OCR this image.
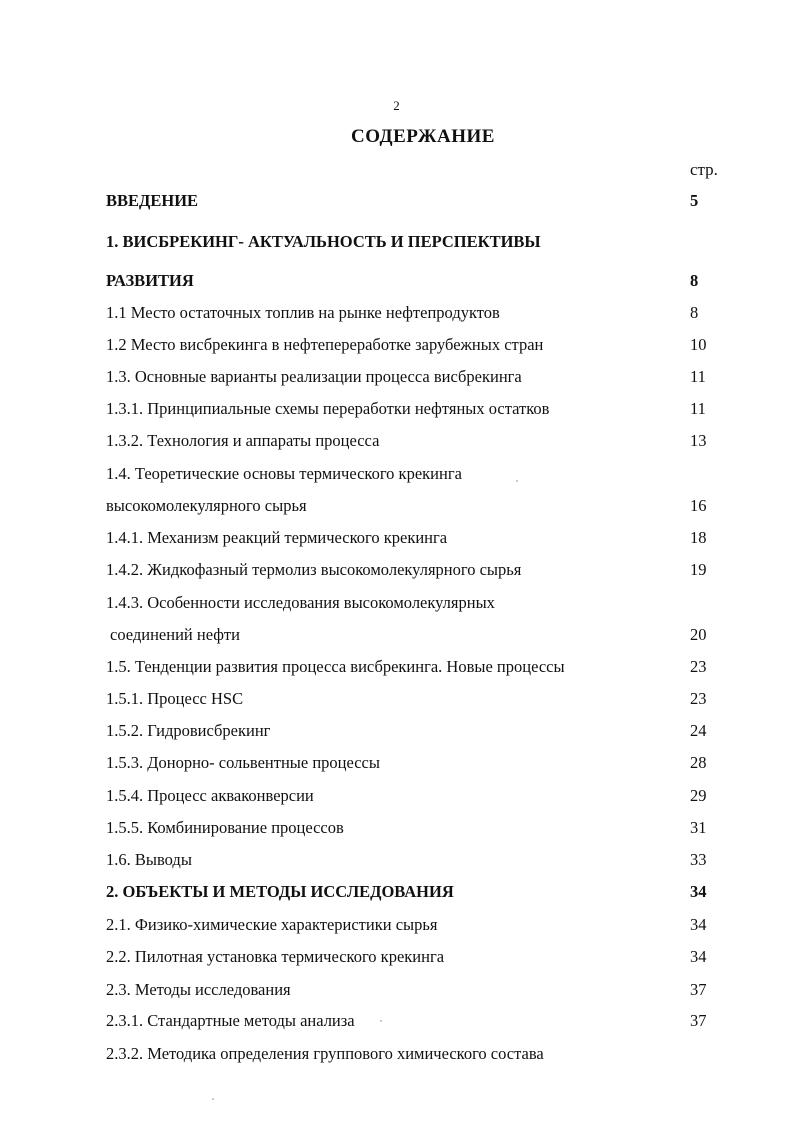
2
СОДЕРЖАНИЕ
стр.
ВВЕДЕНИЕ	5
1. ВИСБРЕКИНГ- АКТУАЛЬНОСТЬ И ПЕРСПЕКТИВЫ
РАЗВИТИЯ	8
1.1 Место остаточных топлив на рынке нефтепродуктов	8
1.2 Место висбрекинга в нефтепереработке зарубежных стран	10
1.3. Основные варианты реализации процесса висбрекинга	11
1.3.1. Принципиальные схемы переработки нефтяных остатков	11
1.3.2. Технология и аппараты процесса	13
1.4. Теоретические основы термического крекинга
высокомолекулярного сырья	16
1.4.1. Механизм реакций термического крекинга	18
1.4.2. Жидкофазный термолиз высокомолекулярного сырья	19
1.4.3. Особенности исследования высокомолекулярных
соединений нефти	20
1.5. Тенденции развития процесса висбрекинга. Новые процессы	23
1.5.1. Процесс HSC	23
1.5.2. Гидровисбрекинг	24
1.5.3. Донорно- сольвентные процессы	28
1.5.4. Процесс акваконверсии	29
1.5.5. Комбинирование процессов	31
1.6. Выводы	33
2. ОБЪЕКТЫ И МЕТОДЫ ИССЛЕДОВАНИЯ	34
2.1. Физико-химические характеристики сырья	34
2.2. Пилотная установка термического крекинга	34
2.3. Методы исследования	37
2.3.1. Стандартные методы анализа	37
2.3.2. Методика определения группового химического состава
